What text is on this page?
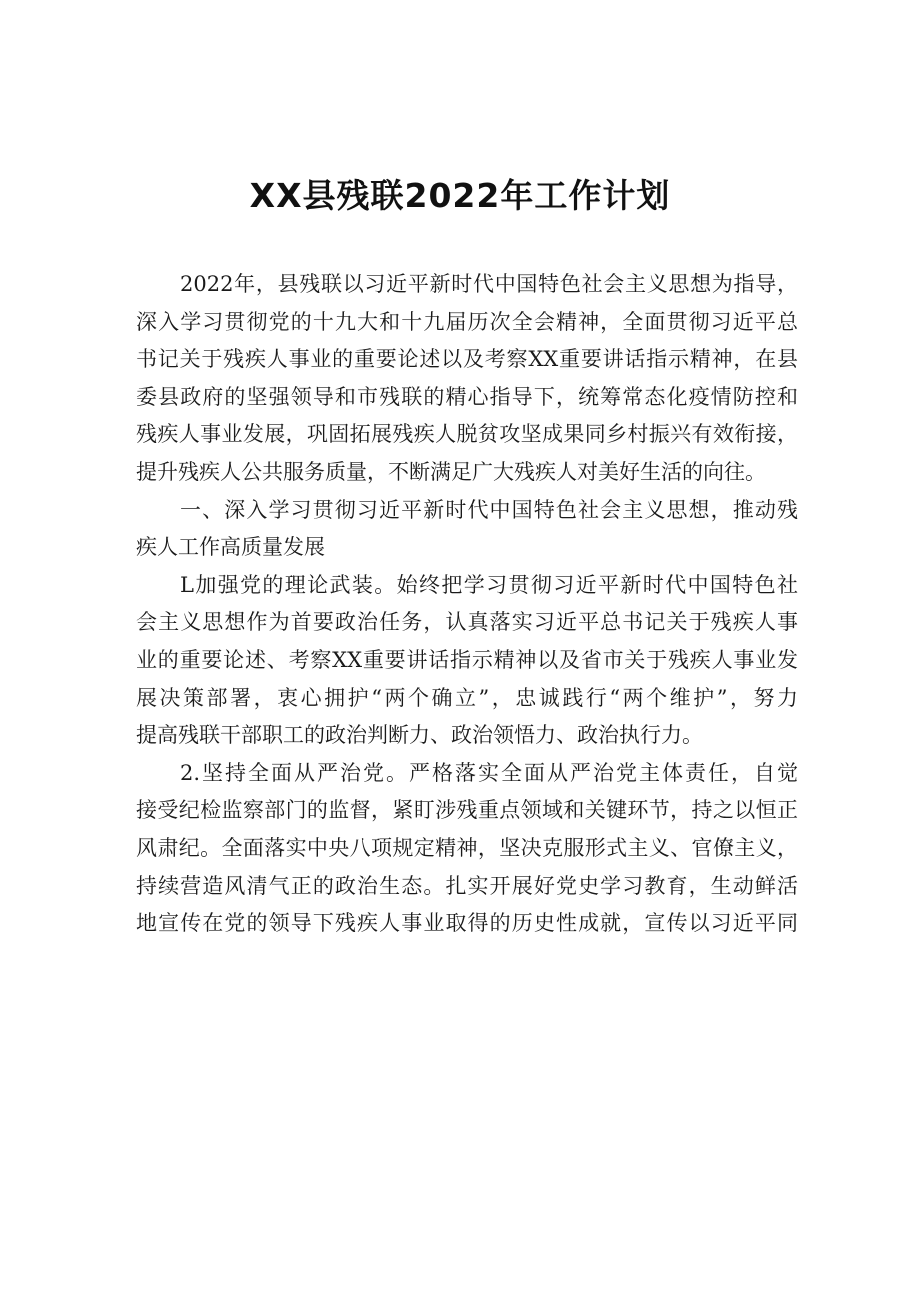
XX县残联2022年工作计划
2022年，县残联以习近平新时代中国特色社会主义思想为指导，
深入学习贯彻党的十九大和十九届历次全会精神，全面贯彻习近平总
书记关于残疾人事业的重要论述以及考察XX重要讲话指示精神，在县
委县政府的坚强领导和市残联的精心指导下，统筹常态化疫情防控和
残疾人事业发展，巩固拓展残疾人脱贫攻坚成果同乡村振兴有效衔接，
提升残疾人公共服务质量，不断满足广大残疾人对美好生活的向往。
一、深入学习贯彻习近平新时代中国特色社会主义思想，推动残
疾人工作高质量发展
L加强党的理论武装。始终把学习贯彻习近平新时代中国特色社
会主义思想作为首要政治任务，认真落实习近平总书记关于残疾人事
业的重要论述、考察XX重要讲话指示精神以及省市关于残疾人事业发
展决策部署，衷心拥护“两个确立”，忠诚践行“两个维护”，努力
提高残联干部职工的政治判断力、政治领悟力、政治执行力。
2.坚持全面从严治党。严格落实全面从严治党主体责任，自觉
接受纪检监察部门的监督，紧盯涉残重点领域和关键环节，持之以恒正
风肃纪。全面落实中央八项规定精神，坚决克服形式主义、官僚主义，
持续营造风清气正的政治生态。扎实开展好党史学习教育，生动鲜活
地宣传在党的领导下残疾人事业取得的历史性成就，宣传以习近平同
